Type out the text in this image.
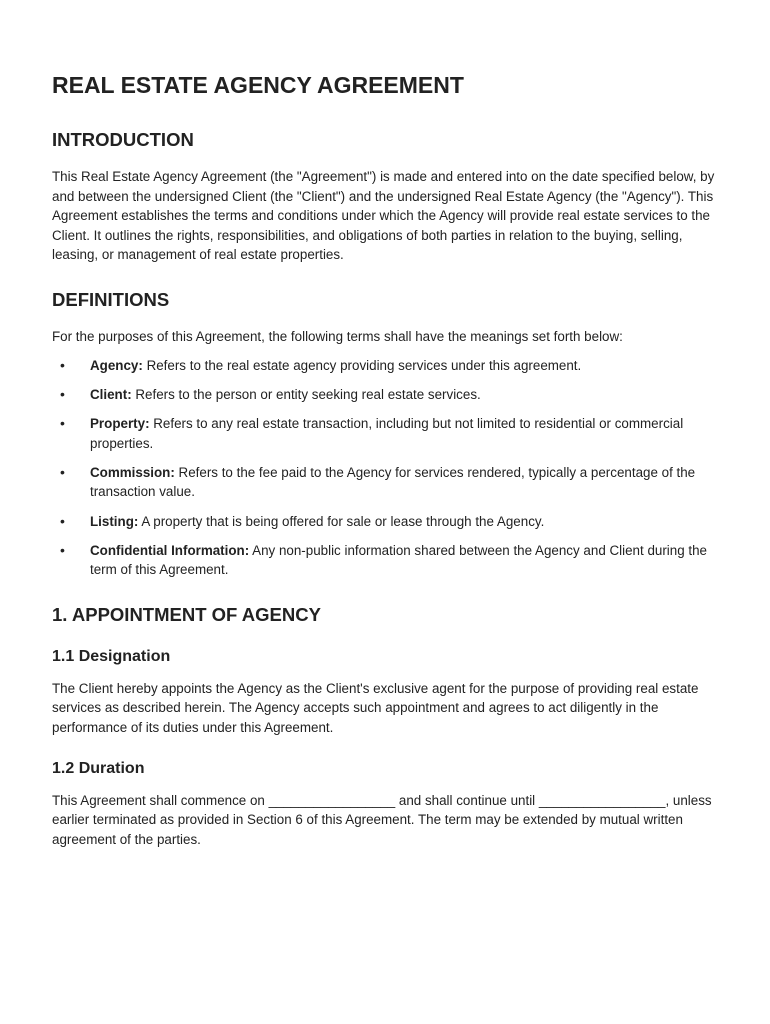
REAL ESTATE AGENCY AGREEMENT
INTRODUCTION

This Real Estate Agency Agreement (the "Agreement") is made and entered into on the date specified below, by and between the undersigned Client (the "Client") and the undersigned Real Estate Agency (the "Agency"). This Agreement establishes the terms and conditions under which the Agency will provide real estate services to the Client. It outlines the rights, responsibilities, and obligations of both parties in relation to the buying, selling, leasing, or management of real estate properties.

DEFINITIONS

For the purposes of this Agreement, the following terms shall have the meanings set forth below:

• Agency: Refers to the real estate agency providing services under this agreement.
• Client: Refers to the person or entity seeking real estate services.
• Property: Refers to any real estate transaction, including but not limited to residential or commercial properties.
• Commission: Refers to the fee paid to the Agency for services rendered, typically a percentage of the transaction value.
• Listing: A property that is being offered for sale or lease through the Agency.
• Confidential Information: Any non-public information shared between the Agency and Client during the term of this Agreement.
1. APPOINTMENT OF AGENCY
1.1 Designation

The Client hereby appoints the Agency as the Client's exclusive agent for the purpose of providing real estate services as described herein. The Agency accepts such appointment and agrees to act diligently in the performance of its duties under this Agreement.

1.2 Duration

This Agreement shall commence on _________________ and shall continue until _________________, unless earlier terminated as provided in Section 6 of this Agreement. The term may be extended by mutual written agreement of the parties.
